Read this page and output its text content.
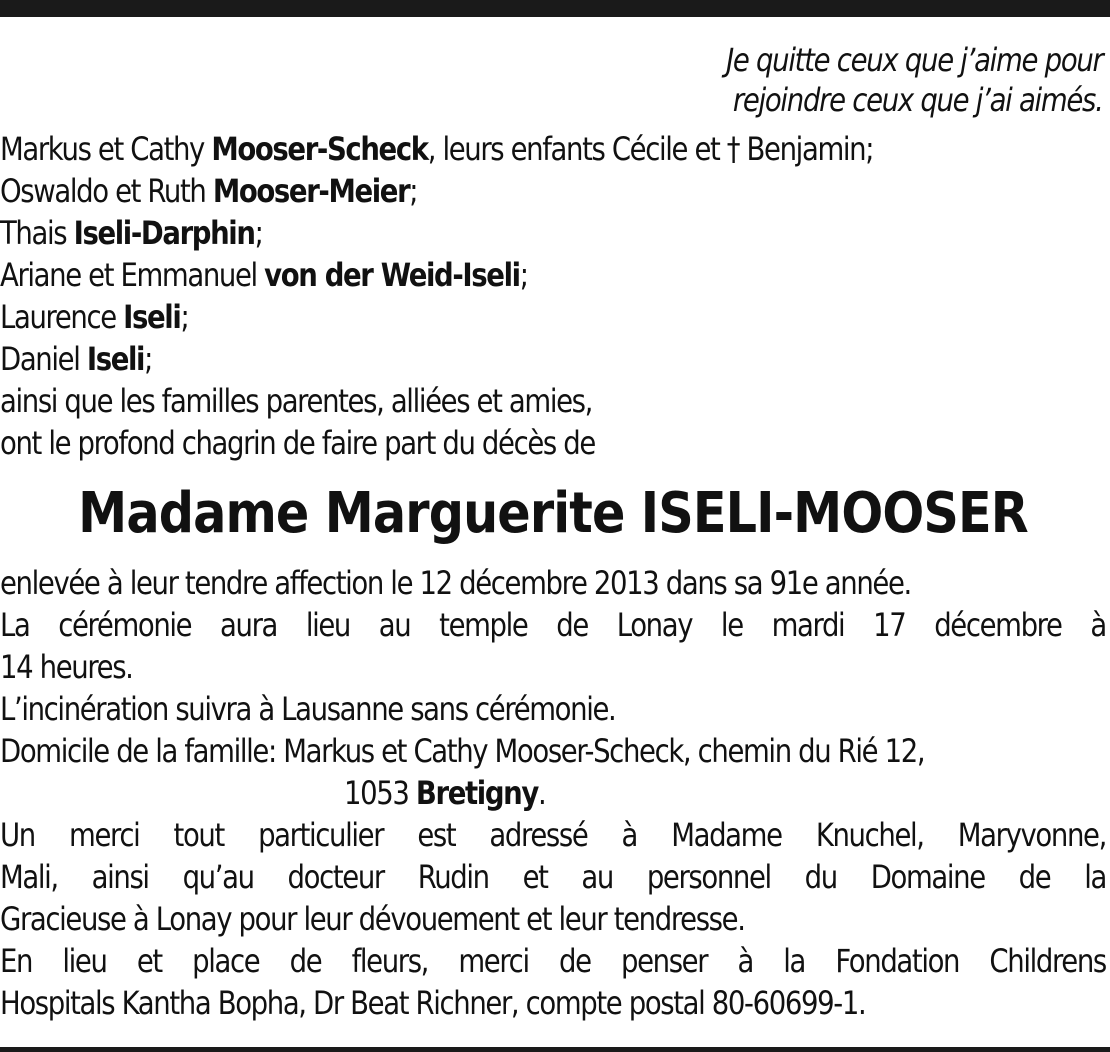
Je quitte ceux que j’aime pour
rejoindre ceux que j’ai aimés.
Markus et Cathy Mooser-Scheck, leurs enfants Cécile et † Benjamin;
Oswaldo et Ruth Mooser-Meier;
Thais Iseli-Darphin;
Ariane et Emmanuel von der Weid-Iseli;
Laurence Iseli;
Daniel Iseli;
ainsi que les familles parentes, alliées et amies,
ont le profond chagrin de faire part du décès de
Madame Marguerite ISELI-MOOSER
enlevée à leur tendre affection le 12 décembre 2013 dans sa 91e année.
La cérémonie aura lieu au temple de Lonay le mardi 17 décembre à
14 heures.
L’incinération suivra à Lausanne sans cérémonie.
Domicile de la famille: Markus et Cathy Mooser-Scheck, chemin du Rié 12,
1053 Bretigny.
Un merci tout particulier est adressé à Madame Knuchel, Maryvonne,
Mali, ainsi qu’au docteur Rudin et au personnel du Domaine de la
Gracieuse à Lonay pour leur dévouement et leur tendresse.
En lieu et place de fleurs, merci de penser à la Fondation Childrens
Hospitals Kantha Bopha, Dr Beat Richner, compte postal 80-60699-1.
